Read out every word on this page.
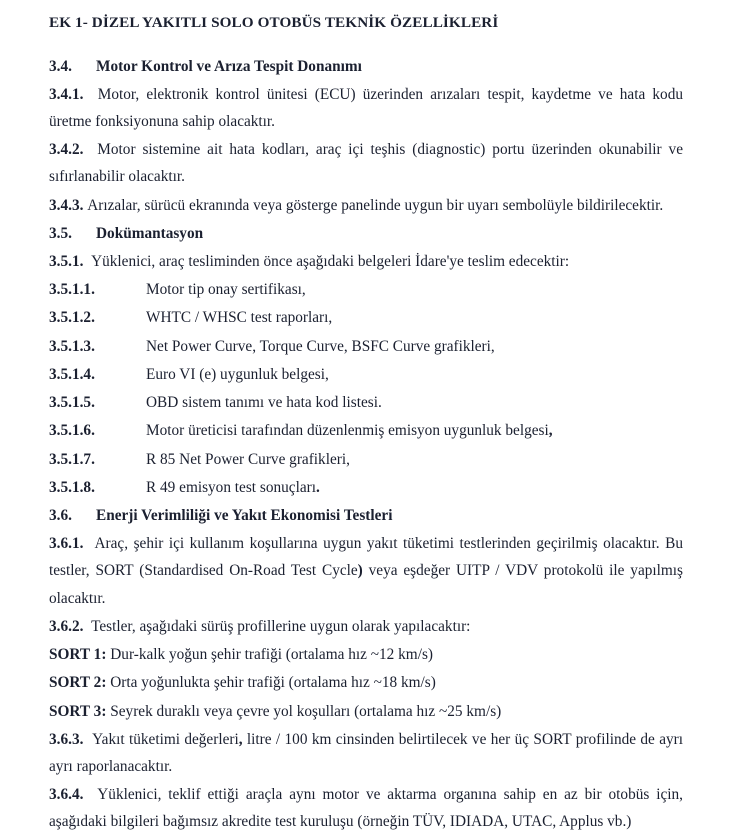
EK 1- DİZEL YAKITLI SOLO OTOBÜS TEKNİK ÖZELLİKLERİ
3.4.	Motor Kontrol ve Arıza Tespit Donanımı

3.4.1. Motor, elektronik kontrol ünitesi (ECU) üzerinden arızaları tespit, kaydetme ve hata kodu üretme fonksiyonuna sahip olacaktır.

3.4.2. Motor sistemine ait hata kodları, araç içi teşhis (diagnostic) portu üzerinden okunabilir ve sıfırlanabilir olacaktır.

3.4.3. Arızalar, sürücü ekranında veya gösterge panelinde uygun bir uyarı sembolüyle bildirilecektir.

3.5.	Dokümantasyon

3.5.1. Yüklenici, araç tesliminden önce aşağıdaki belgeleri İdare'ye teslim edecektir:

3.5.1.1.	Motor tip onay sertifikası,
3.5.1.2.	WHTC / WHSC test raporları,
3.5.1.3.	Net Power Curve, Torque Curve, BSFC Curve grafikleri,
3.5.1.4.	Euro VI (e) uygunluk belgesi,
3.5.1.5.	OBD sistem tanımı ve hata kod listesi.
3.5.1.6.	Motor üreticisi tarafından düzenlenmiş emisyon uygunluk belgesi,
3.5.1.7.	R 85 Net Power Curve grafikleri,
3.5.1.8.	R 49 emisyon test sonuçları.
3.6.	Enerji Verimliliği ve Yakıt Ekonomisi Testleri

3.6.1. Araç, şehir içi kullanım koşullarına uygun yakıt tüketimi testlerinden geçirilmiş olacaktır. Bu testler, SORT (Standardised On-Road Test Cycle) veya eşdeğer UITP / VDV protokolü ile yapılmış olacaktır.

3.6.2. Testler, aşağıdaki sürüş profillerine uygun olarak yapılacaktır:

SORT 1: Dur-kalk yoğun şehir trafiği (ortalama hız ~12 km/s)
SORT 2: Orta yoğunlukta şehir trafiği (ortalama hız ~18 km/s)
SORT 3: Seyrek duraklı veya çevre yol koşulları (ortalama hız ~25 km/s)

3.6.3. Yakıt tüketimi değerleri, litre / 100 km cinsinden belirtilecek ve her üç SORT profilinde de ayrı ayrı raporlanacaktır.

3.6.4. Yüklenici, teklif ettiği araçla aynı motor ve aktarma organına sahip en az bir otobüs için, aşağıdaki bilgileri bağımsız akredite test kuruluşu (örneğin TÜV, IDIADA, UTAC, Applus vb.)
